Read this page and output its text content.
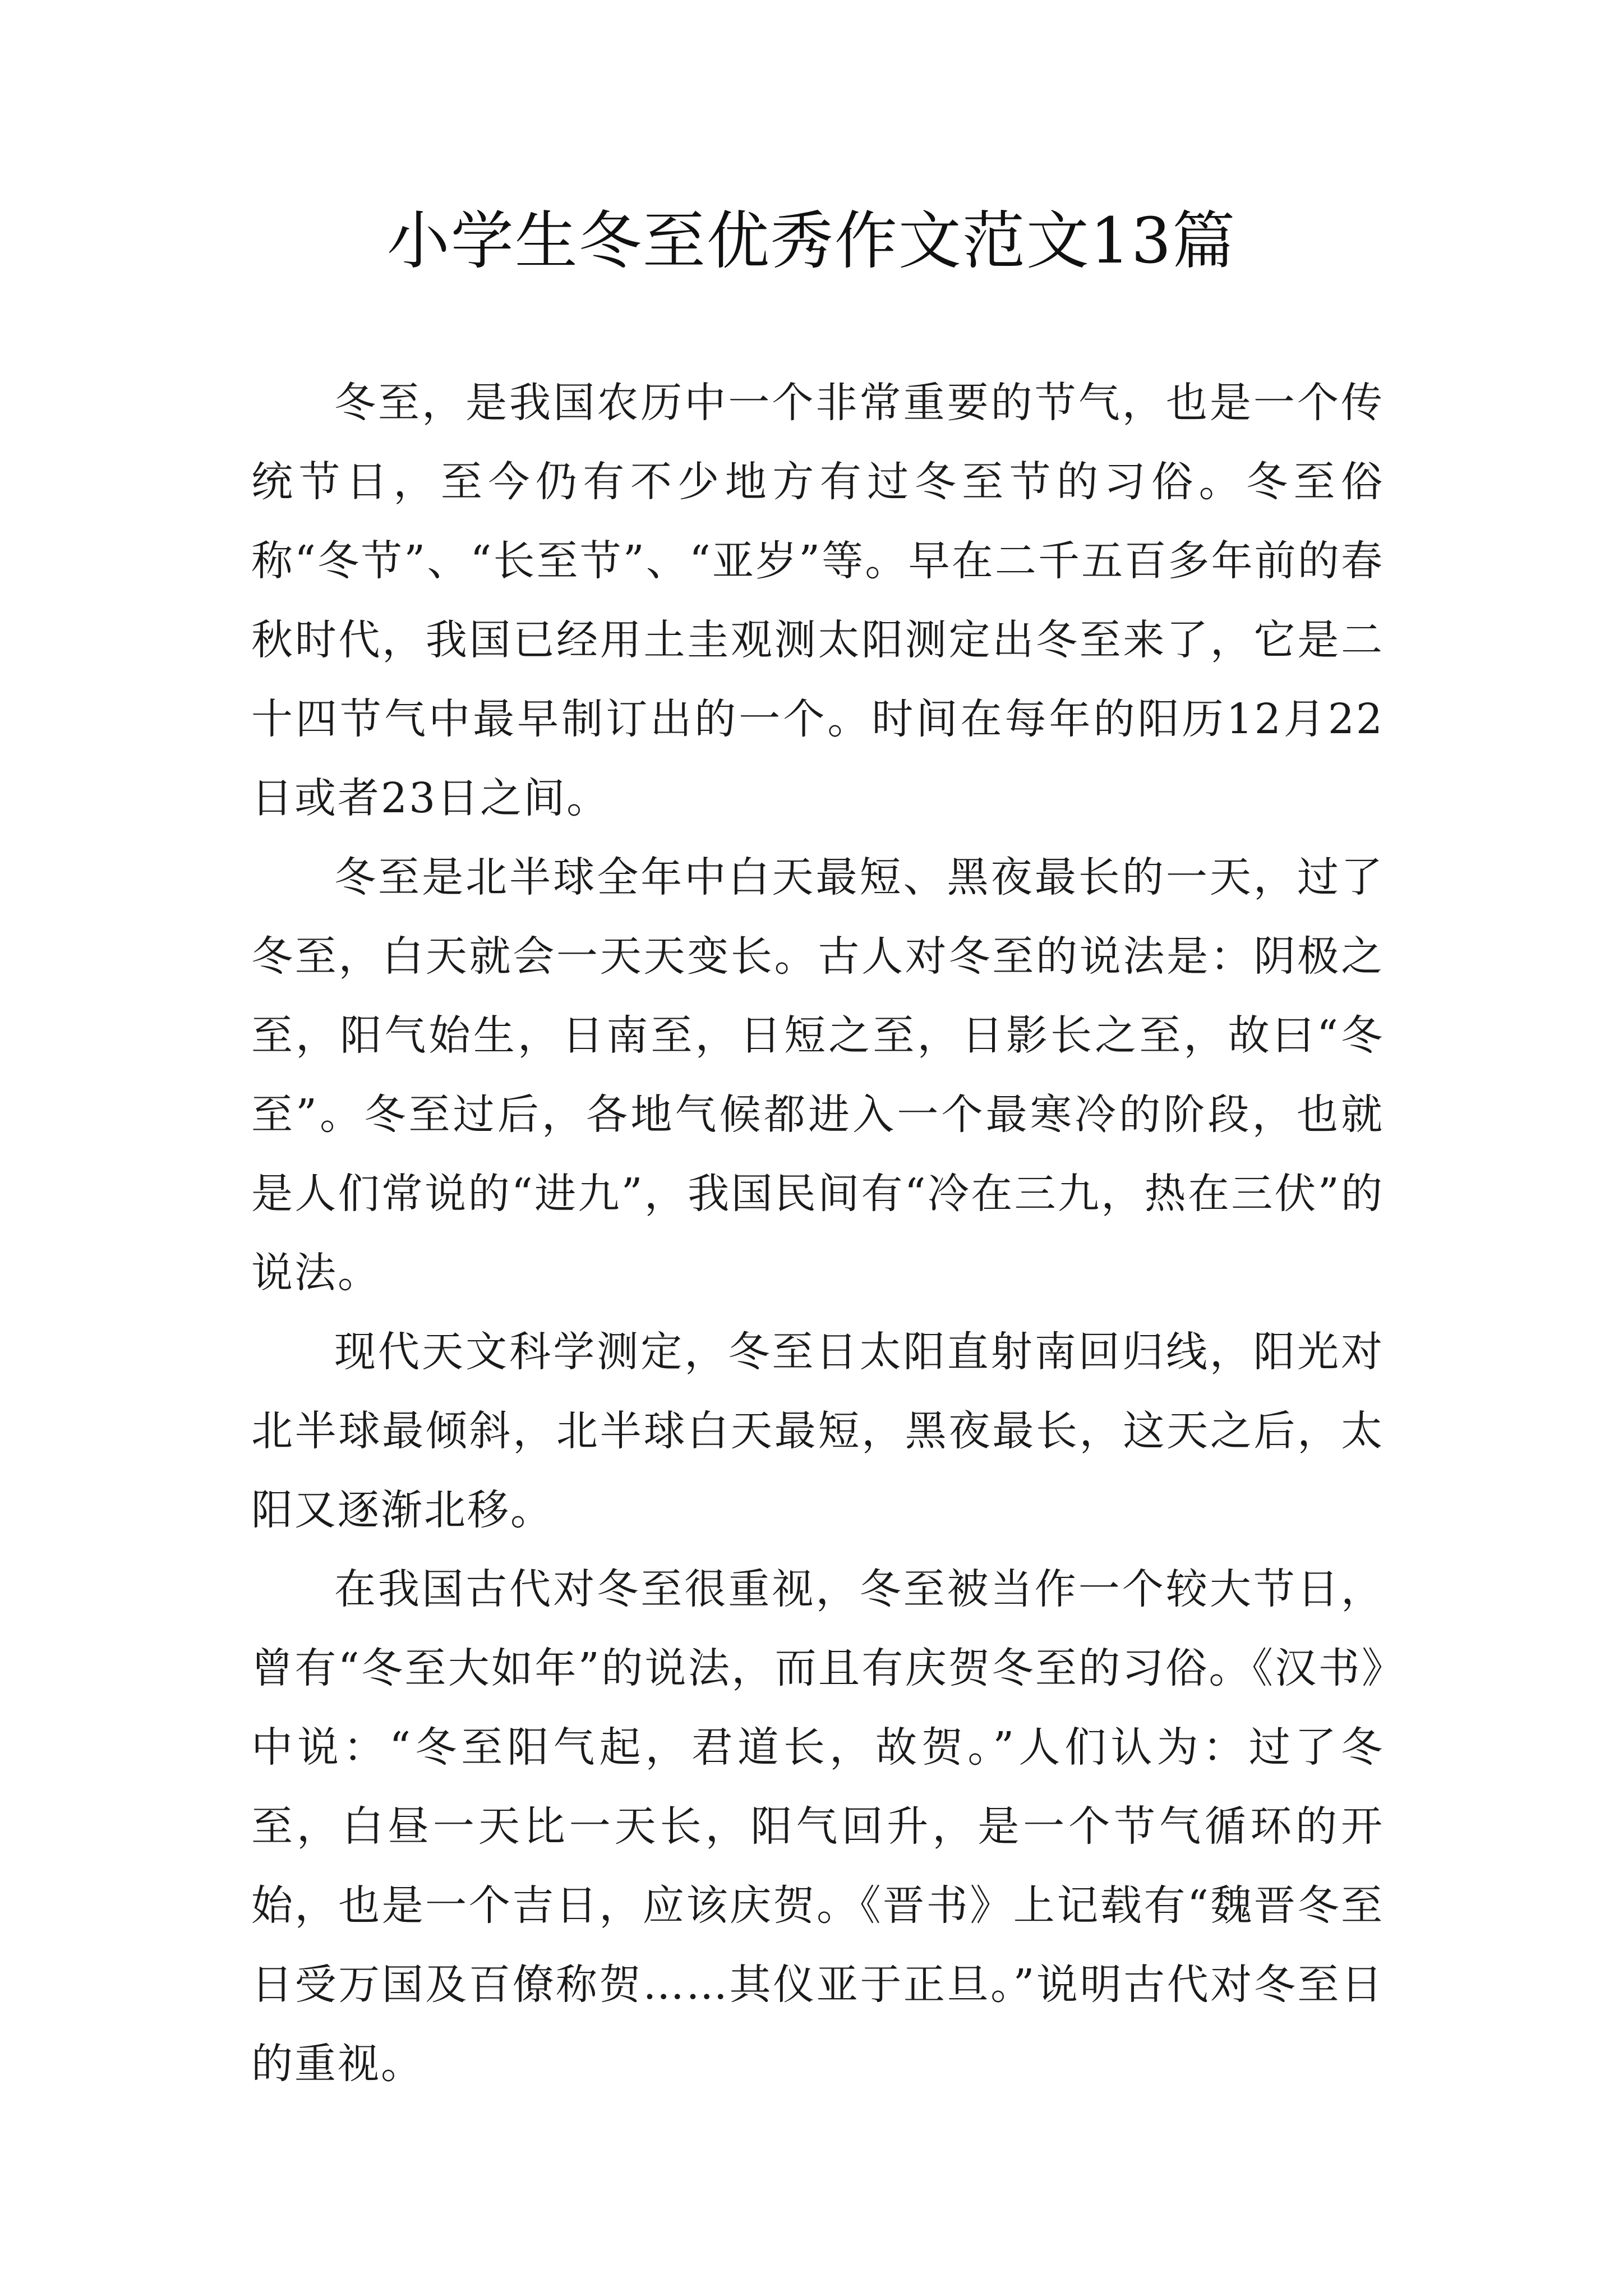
小学生冬至优秀作文范文13篇

冬至，是我国农历中一个非常重要的节气，也是一个传统节日，至今仍有不少地方有过冬至节的习俗。冬至俗称“冬节”、“长至节”、“亚岁”等。早在二千五百多年前的春秋时代，我国已经用土圭观测太阳测定出冬至来了，它是二十四节气中最早制订出的一个。时间在每年的阳历12月22日或者23日之间。

冬至是北半球全年中白天最短、黑夜最长的一天，过了冬至，白天就会一天天变长。古人对冬至的说法是：阴极之至，阳气始生，日南至，日短之至，日影长之至，故曰“冬至”。冬至过后，各地气候都进入一个最寒冷的阶段，也就是人们常说的“进九”，我国民间有“冷在三九，热在三伏”的说法。

现代天文科学测定，冬至日太阳直射南回归线，阳光对北半球最倾斜，北半球白天最短，黑夜最长，这天之后，太阳又逐渐北移。

在我国古代对冬至很重视，冬至被当作一个较大节日，曾有“冬至大如年”的说法，而且有庆贺冬至的习俗。《汉书》中说：“冬至阳气起，君道长，故贺。”人们认为：过了冬至，白昼一天比一天长，阳气回升，是一个节气循环的开始，也是一个吉日，应该庆贺。《晋书》上记载有“魏晋冬至日受万国及百僚称贺……其仪亚于正旦。”说明古代对冬至日的重视。
